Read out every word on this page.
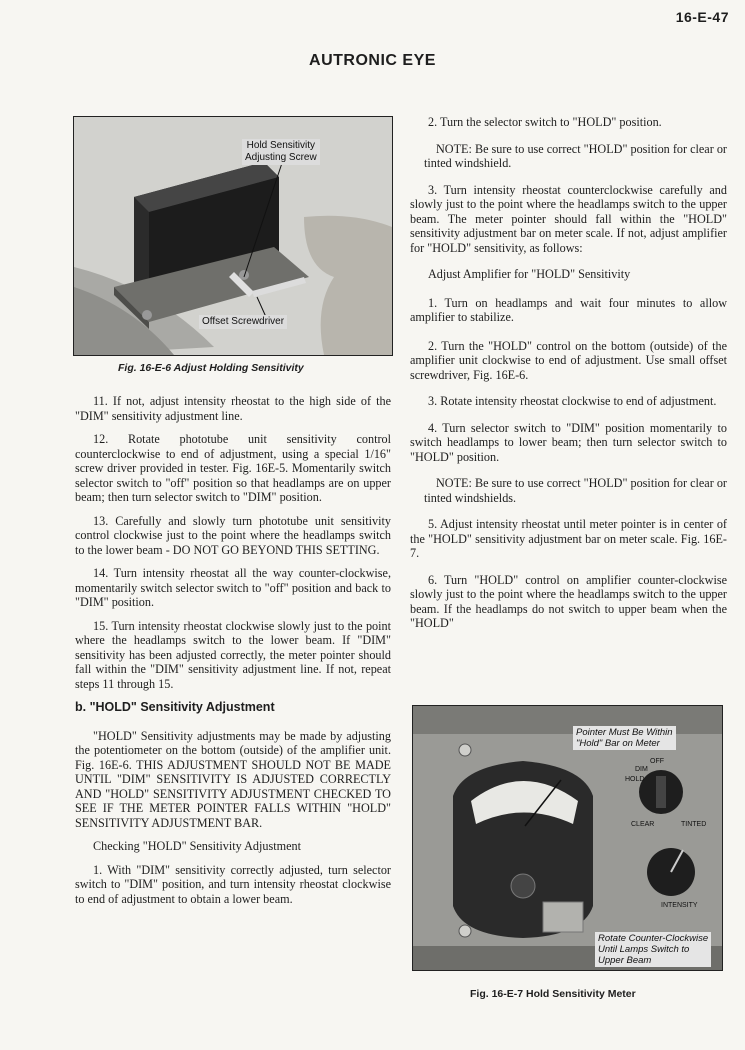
16-E-47
AUTRONIC EYE
Hold Sensitivity
Adjusting Screw
Offset Screwdriver
Fig. 16-E-6 Adjust Holding Sensitivity

11. If not, adjust intensity rheostat to the high side of the "DIM" sensitivity adjustment line.

12. Rotate phototube unit sensitivity control counterclockwise to end of adjustment, using a special 1/16" screw driver provided in tester. Fig. 16E-5. Momentarily switch selector switch to "off" position so that headlamps are on upper beam; then turn selector switch to "DIM" position.

13. Carefully and slowly turn phototube unit sensitivity control clockwise just to the point where the headlamps switch to the lower beam - DO NOT GO BEYOND THIS SETTING.

14. Turn intensity rheostat all the way counter-clockwise, momentarily switch selector switch to "off" position and back to "DIM" position.

15. Turn intensity rheostat clockwise slowly just to the point where the headlamps switch to the lower beam. If "DIM" sensitivity has been adjusted correctly, the meter pointer should fall within the "DIM" sensitivity adjustment line. If not, repeat steps 11 through 15.

b. "HOLD" Sensitivity Adjustment

"HOLD" Sensitivity adjustments may be made by adjusting the potentiometer on the bottom (outside) of the amplifier unit. Fig. 16E-6. THIS ADJUSTMENT SHOULD NOT BE MADE UNTIL "DIM" SENSITIVITY IS ADJUSTED CORRECTLY AND "HOLD" SENSITIVITY ADJUSTMENT CHECKED TO SEE IF THE METER POINTER FALLS WITHIN "HOLD" SENSITIVITY ADJUSTMENT BAR.

Checking "HOLD" Sensitivity Adjustment

1. With "DIM" sensitivity correctly adjusted, turn selector switch to "DIM" position, and turn intensity rheostat clockwise to end of adjustment to obtain a lower beam.

2. Turn the selector switch to "HOLD" position.

NOTE: Be sure to use correct "HOLD" position for clear or tinted windshield.

3. Turn intensity rheostat counterclockwise carefully and slowly just to the point where the headlamps switch to the upper beam. The meter pointer should fall within the "HOLD" sensitivity adjustment bar on meter scale. If not, adjust amplifier for "HOLD" sensitivity, as follows:

Adjust Amplifier for "HOLD" Sensitivity

1. Turn on headlamps and wait four minutes to allow amplifier to stabilize.

2. Turn the "HOLD" control on the bottom (outside) of the amplifier unit clockwise to end of adjustment. Use small offset screwdriver, Fig. 16E-6.

3. Rotate intensity rheostat clockwise to end of adjustment.

4. Turn selector switch to "DIM" position momentarily to switch headlamps to lower beam; then turn selector switch to "HOLD" position.

NOTE: Be sure to use correct "HOLD" position for clear or tinted windshields.

5. Adjust intensity rheostat until meter pointer is in center of the "HOLD" sensitivity adjustment bar on meter scale. Fig. 16E-7.

6. Turn "HOLD" control on amplifier counter-clockwise slowly just to the point where the headlamps switch to the upper beam. If the headlamps do not switch to upper beam when the "HOLD"

Pointer Must Be Within
"Hold" Bar on Meter
OFF
DIM
HOLD
CLEAR	TINTED
INTENSITY
Rotate Counter-Clockwise
Until Lamps Switch to
Upper Beam
Fig. 16-E-7 Hold Sensitivity Meter
